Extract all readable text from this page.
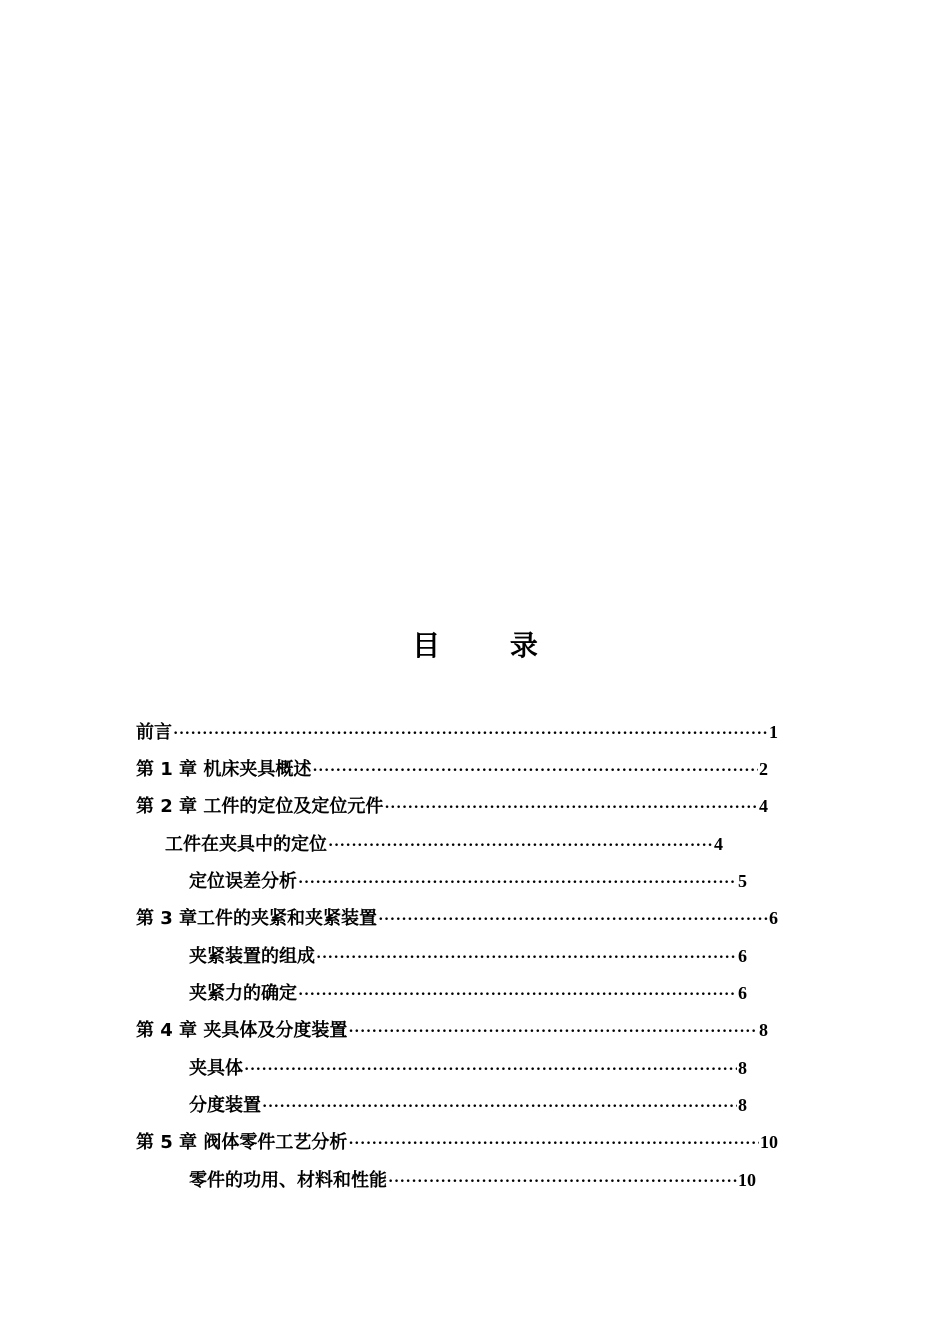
目 录
前言 ·····	1
第 1 章 机床夹具概述 ·····	2
第 2 章 工件的定位及定位元件 ·····	4
工件在夹具中的定位 ·····	4
定位误差分析 ·····	5
第 3 章工件的夹紧和夹紧装置 ·····	6
夹紧装置的组成 ·····	6
夹紧力的确定 ·····	6
第 4 章 夹具体及分度装置 ·····	8
夹具体 ·····	8
分度装置 ·····	8
第 5 章 阀体零件工艺分析 ·····	10
零件的功用、材料和性能 ·····	10
